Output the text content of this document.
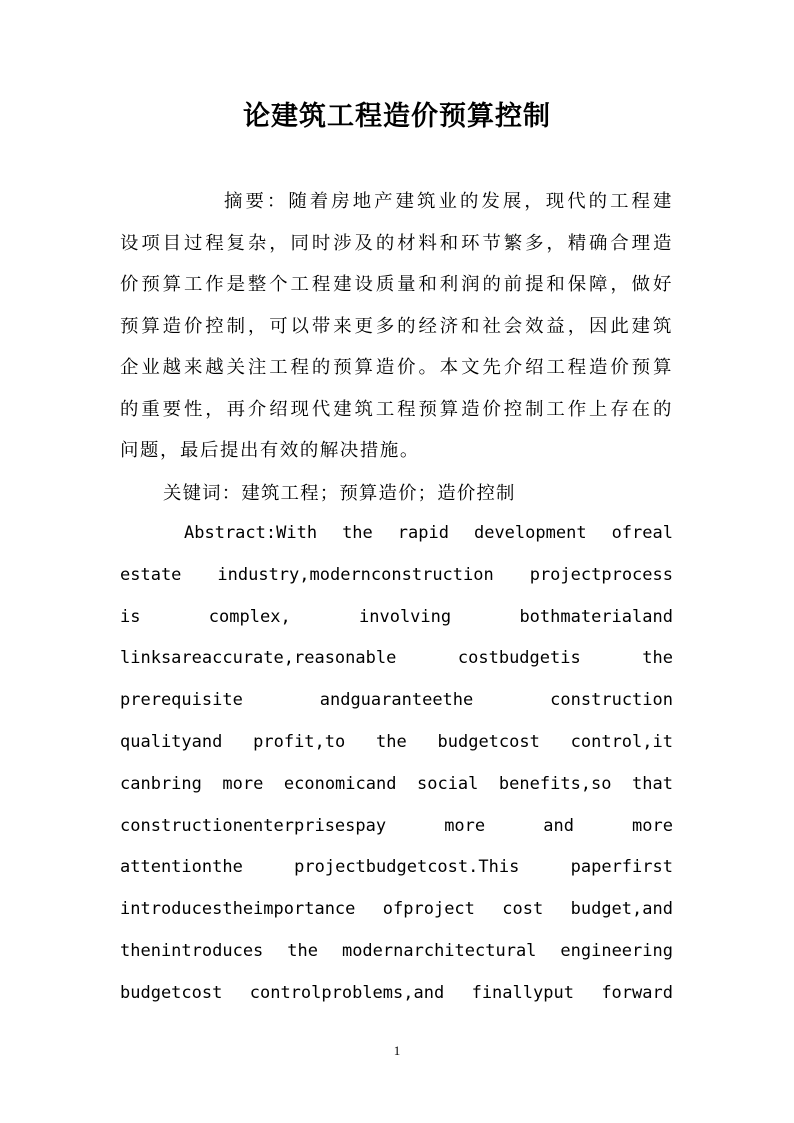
论建筑工程造价预算控制
摘要：随着房地产建筑业的发展，现代的工程建
设项目过程复杂，同时涉及的材料和环节繁多，精确合理造
价预算工作是整个工程建设质量和利润的前提和保障，做好
预算造价控制，可以带来更多的经济和社会效益，因此建筑
企业越来越关注工程的预算造价。本文先介绍工程造价预算
的重要性，再介绍现代建筑工程预算造价控制工作上存在的
问题，最后提出有效的解决措施。
关键词：建筑工程；预算造价；造价控制
Abstract:With the rapid development ofreal
estate industry,modernconstruction projectprocess
is	complex,	involving	bothmaterialand
linksareaccurate,reasonable	costbudgetis	the
prerequisite	andguaranteethe	construction
qualityand profit,to the budgetcost control,it
canbring more economicand social benefits,so that
constructionenterprisespay	more	and	more
attentionthe	projectbudgetcost.This	paperfirst
introducestheimportance ofproject cost budget,and
thenintroduces the modernarchitectural engineering
budgetcost controlproblems,and finallyput forward
1
